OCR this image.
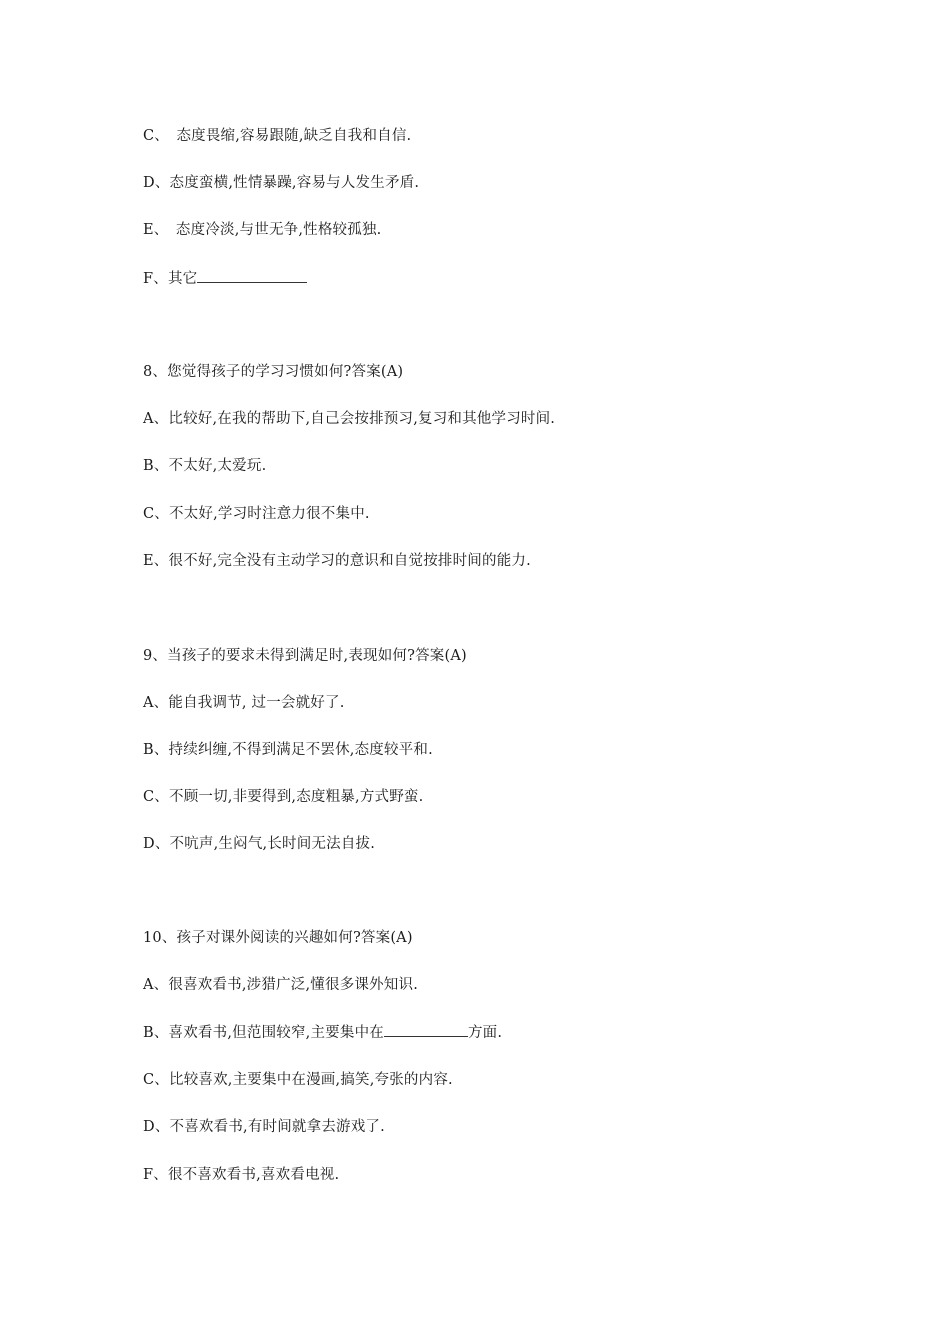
C、　态度畏缩,容易跟随,缺乏自我和自信.
D、态度蛮横,性情暴躁,容易与人发生矛盾.
E、　态度冷淡,与世无争,性格较孤独.
F、其它
8、您觉得孩子的学习习惯如何?答案(A)
A、比较好,在我的帮助下,自己会按排预习,复习和其他学习时间.
B、不太好,太爱玩.
C、不太好,学习时注意力很不集中.
E、很不好,完全没有主动学习的意识和自觉按排时间的能力.
9、当孩子的要求未得到满足时,表现如何?答案(A)
A、能自我调节, 过一会就好了.
B、持续纠缠,不得到满足不罢休,态度较平和.
C、不顾一切,非要得到,态度粗暴,方式野蛮.
D、不吭声,生闷气,长时间无法自拔.
10、孩子对课外阅读的兴趣如何?答案(A)
A、很喜欢看书,涉猎广泛,懂很多课外知识.
B、喜欢看书,但范围较窄,主要集中在	方面.
C、比较喜欢,主要集中在漫画,搞笑,夸张的内容.
D、不喜欢看书,有时间就拿去游戏了.
F、很不喜欢看书,喜欢看电视.
